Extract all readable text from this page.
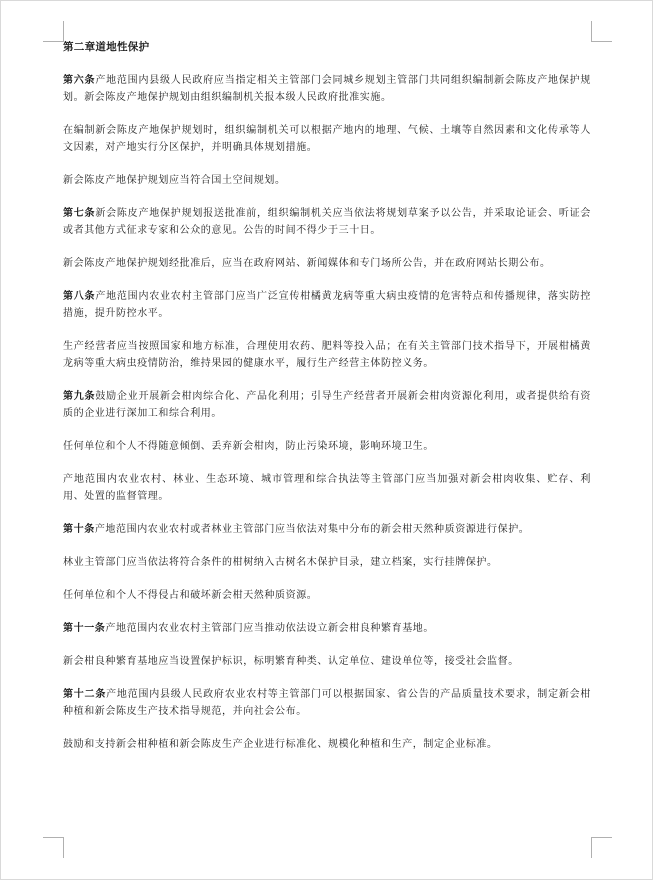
第二章道地性保护

第六条产地范围内县级人民政府应当指定相关主管部门会同城乡规划主管部门共同组织编制新会陈皮产地保护规划。新会陈皮产地保护规划由组织编制机关报本级人民政府批准实施。

在编制新会陈皮产地保护规划时，组织编制机关可以根据产地内的地理、气候、土壤等自然因素和文化传承等人文因素，对产地实行分区保护，并明确具体规划措施。

新会陈皮产地保护规划应当符合国土空间规划。

第七条新会陈皮产地保护规划报送批准前，组织编制机关应当依法将规划草案予以公告，并采取论证会、听证会或者其他方式征求专家和公众的意见。公告的时间不得少于三十日。

新会陈皮产地保护规划经批准后，应当在政府网站、新闻媒体和专门场所公告，并在政府网站长期公布。

第八条产地范围内农业农村主管部门应当广泛宣传柑橘黄龙病等重大病虫疫情的危害特点和传播规律，落实防控措施，提升防控水平。

生产经营者应当按照国家和地方标准，合理使用农药、肥料等投入品；在有关主管部门技术指导下，开展柑橘黄龙病等重大病虫疫情防治，维持果园的健康水平，履行生产经营主体防控义务。

第九条鼓励企业开展新会柑肉综合化、产品化利用；引导生产经营者开展新会柑肉资源化利用，或者提供给有资质的企业进行深加工和综合利用。

任何单位和个人不得随意倾倒、丢弃新会柑肉，防止污染环境，影响环境卫生。

产地范围内农业农村、林业、生态环境、城市管理和综合执法等主管部门应当加强对新会柑肉收集、贮存、利用、处置的监督管理。

第十条产地范围内农业农村或者林业主管部门应当依法对集中分布的新会柑天然种质资源进行保护。

林业主管部门应当依法将符合条件的柑树纳入古树名木保护目录，建立档案，实行挂牌保护。

任何单位和个人不得侵占和破坏新会柑天然种质资源。

第十一条产地范围内农业农村主管部门应当推动依法设立新会柑良种繁育基地。

新会柑良种繁育基地应当设置保护标识，标明繁育种类、认定单位、建设单位等，接受社会监督。

第十二条产地范围内县级人民政府农业农村等主管部门可以根据国家、省公告的产品质量技术要求，制定新会柑种植和新会陈皮生产技术指导规范，并向社会公布。

鼓励和支持新会柑种植和新会陈皮生产企业进行标准化、规模化种植和生产，制定企业标准。
